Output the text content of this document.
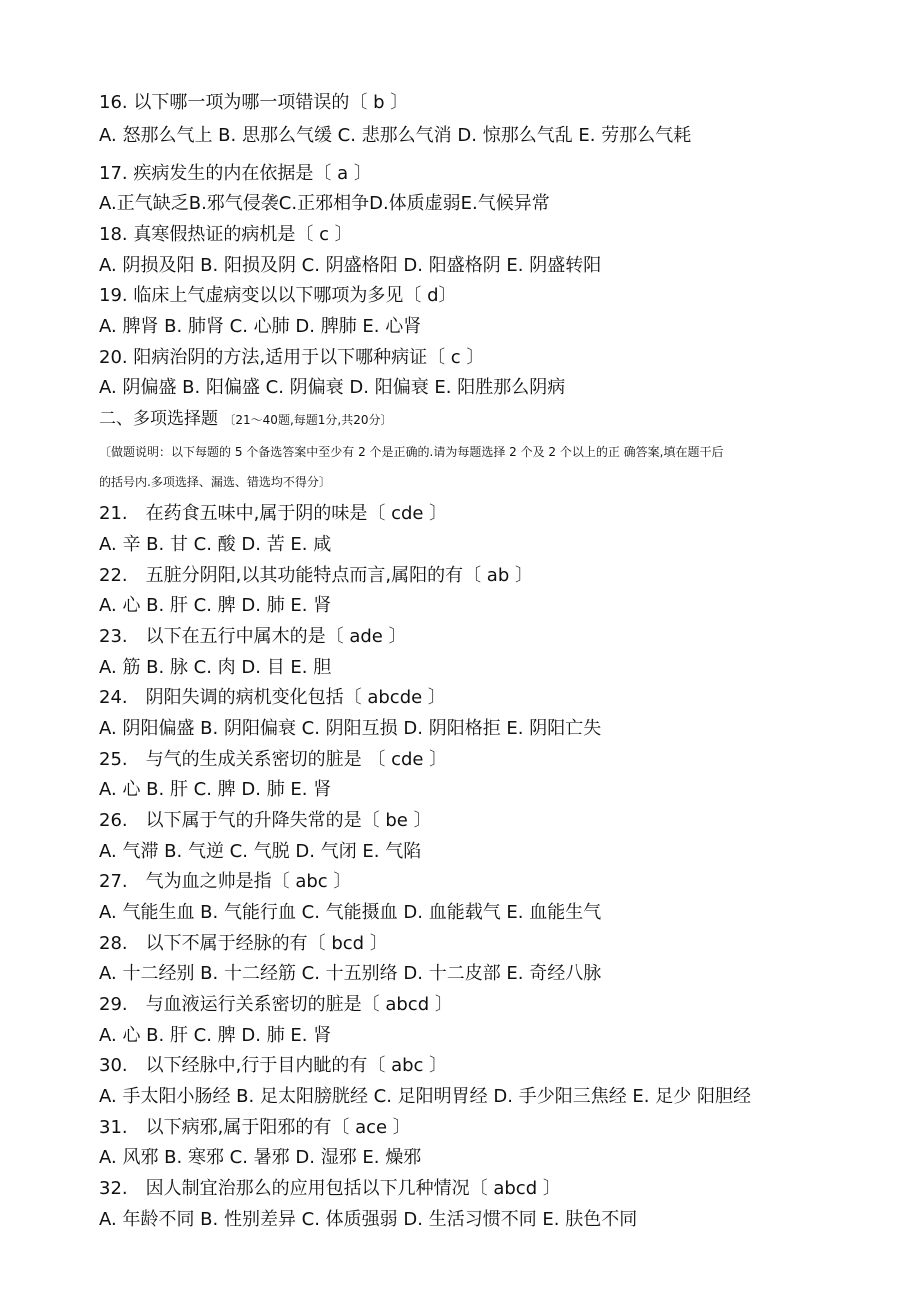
16. 以下哪一项为哪一项错误的〔 b 〕
A. 怒那么气上 B. 思那么气缓 C. 悲那么气消 D. 惊那么气乱 E. 劳那么气耗
17. 疾病发生的内在依据是〔 a 〕
A.正气缺乏B.邪气侵袭C.正邪相争D.体质虚弱E.气候异常
18. 真寒假热证的病机是〔 c 〕
A. 阴损及阳 B. 阳损及阴 C. 阴盛格阳 D. 阳盛格阴 E. 阴盛转阳
19. 临床上气虚病变以以下哪项为多见〔 d〕
A. 脾肾 B. 肺肾 C. 心肺 D. 脾肺 E. 心肾
20. 阳病治阴的方法,适用于以下哪种病证〔 c 〕
A. 阴偏盛 B. 阳偏盛 C. 阴偏衰 D. 阳偏衰 E. 阳胜那么阴病
二、多项选择题 〔21〜40题,每题1分,共20分〕
〔做题说明：以下每题的 5 个备选答案中至少有 2 个是正确的.请为每题选择 2 个及 2 个以上的正 确答案,填在题干后
的括号内.多项选择、漏选、错选均不得分〕
21.　在药食五味中,属于阴的味是〔 cde 〕
A. 辛 B. 甘 C. 酸 D. 苦 E. 咸
22.　五脏分阴阳,以其功能特点而言,属阳的有〔 ab 〕
A. 心 B. 肝 C. 脾 D. 肺 E. 肾
23.　以下在五行中属木的是〔 ade 〕
A. 筋 B. 脉 C. 肉 D. 目 E. 胆
24.　阴阳失调的病机变化包括〔 abcde 〕
A. 阴阳偏盛 B. 阴阳偏衰 C. 阴阳互损 D. 阴阳格拒 E. 阴阳亡失
25.　与气的生成关系密切的脏是 〔 cde 〕
A. 心 B. 肝 C. 脾 D. 肺 E. 肾
26.　以下属于气的升降失常的是〔 be 〕
A. 气滞 B. 气逆 C. 气脱 D. 气闭 E. 气陷
27.　气为血之帅是指〔 abc 〕
A. 气能生血 B. 气能行血 C. 气能摄血 D. 血能载气 E. 血能生气
28.　以下不属于经脉的有〔 bcd 〕
A. 十二经别 B. 十二经筋 C. 十五别络 D. 十二皮部 E. 奇经八脉
29.　与血液运行关系密切的脏是〔 abcd 〕
A. 心 B. 肝 C. 脾 D. 肺 E. 肾
30.　以下经脉中,行于目内眦的有〔 abc 〕
A. 手太阳小肠经 B. 足太阳膀胱经 C. 足阳明胃经 D. 手少阳三焦经 E. 足少 阳胆经
31.　以下病邪,属于阳邪的有〔 ace 〕
A. 风邪 B. 寒邪 C. 暑邪 D. 湿邪 E. 燥邪
32.　因人制宜治那么的应用包括以下几种情况〔 abcd 〕
A. 年龄不同 B. 性别差异 C. 体质强弱 D. 生活习惯不同 E. 肤色不同
